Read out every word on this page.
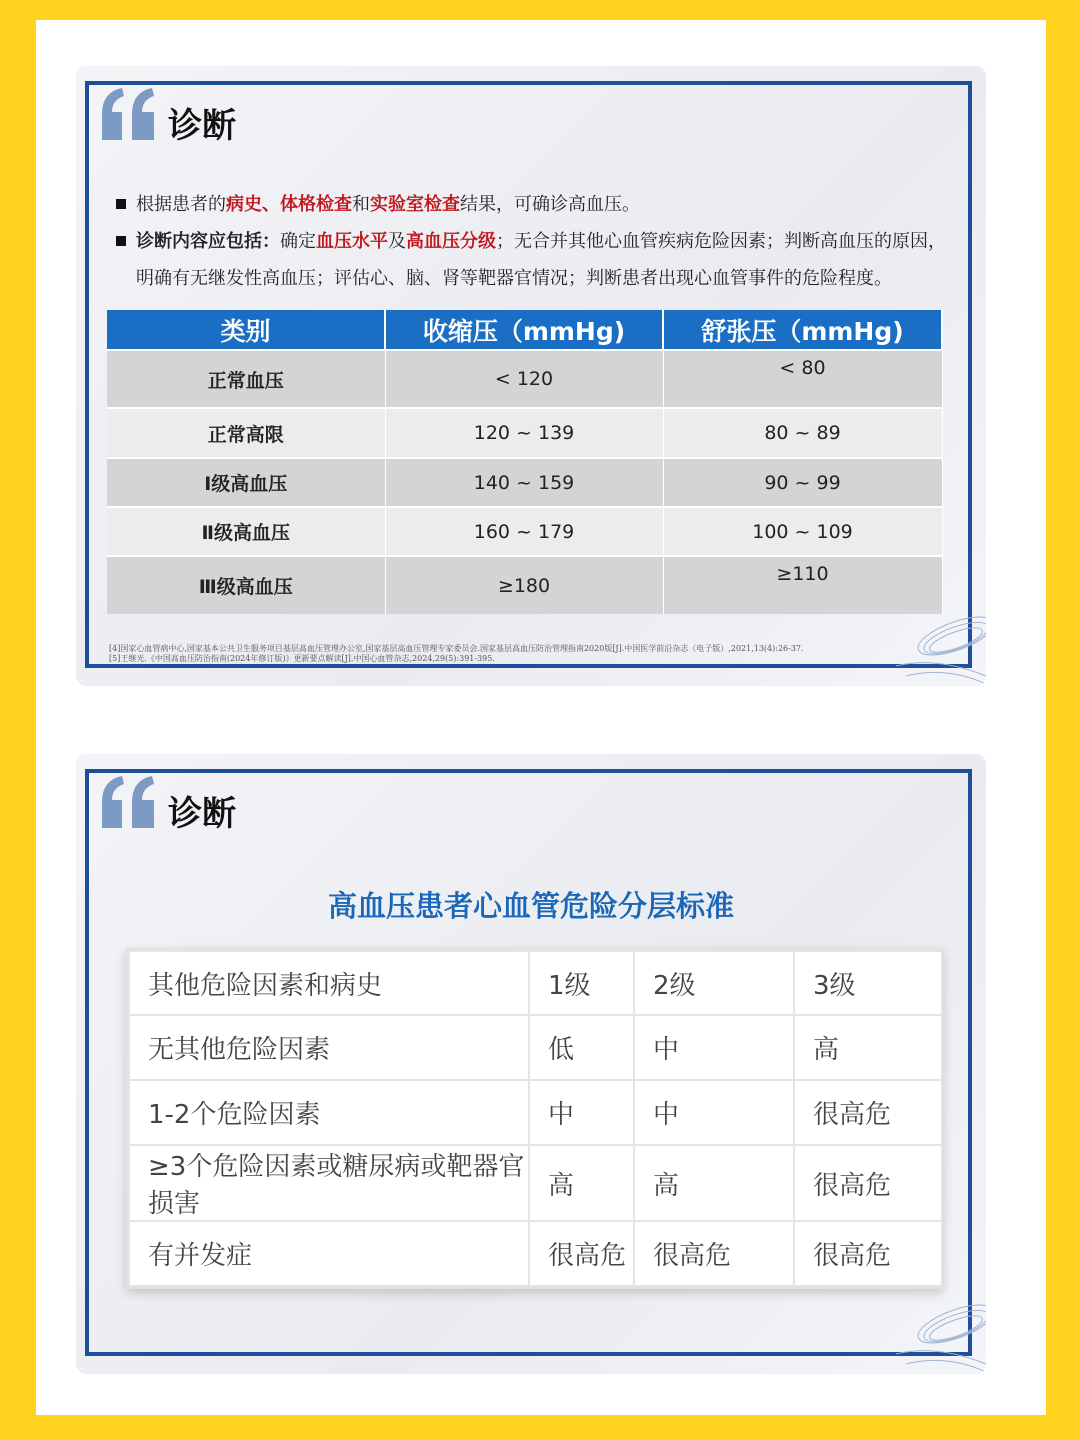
诊断
根据患者的病史、体格检查和实验室检查结果，可确诊高血压。
诊断内容应包括：确定血压水平及高血压分级；无合并其他心血管疾病危险因素；判断高血压的原因，明确有无继发性高血压；评估心、脑、肾等靶器官情况；判断患者出现心血管事件的危险程度。
类别	收缩压（mmHg)	舒张压（mmHg)
正常血压	< 120	< 80
正常高限	120 ~ 139	80 ~ 89
Ⅰ级高血压	140 ~ 159	90 ~ 99
Ⅱ级高血压	160 ~ 179	100 ~ 109
Ⅲ级高血压	≥180	≥110
[4]国家心血管病中心,国家基本公共卫生服务项目基层高血压管理办公室,国家基层高血压管理专家委员会.国家基层高血压防治管理指南2020版[J].中国医学前沿杂志（电子版）,2021,13(4):26-37.
[5]王继光.《中国高血压防治指南(2024年修订版)》更新要点解读[J].中国心血管杂志,2024,29(5):391-395.
诊断
高血压患者心血管危险分层标准
其他危险因素和病史	1级	2级	3级
无其他危险因素	低	中	高
1-2个危险因素	中	中	很高危
≥3个危险因素或糖尿病或靶器官损害	高	高	很高危
有并发症	很高危	很高危	很高危
